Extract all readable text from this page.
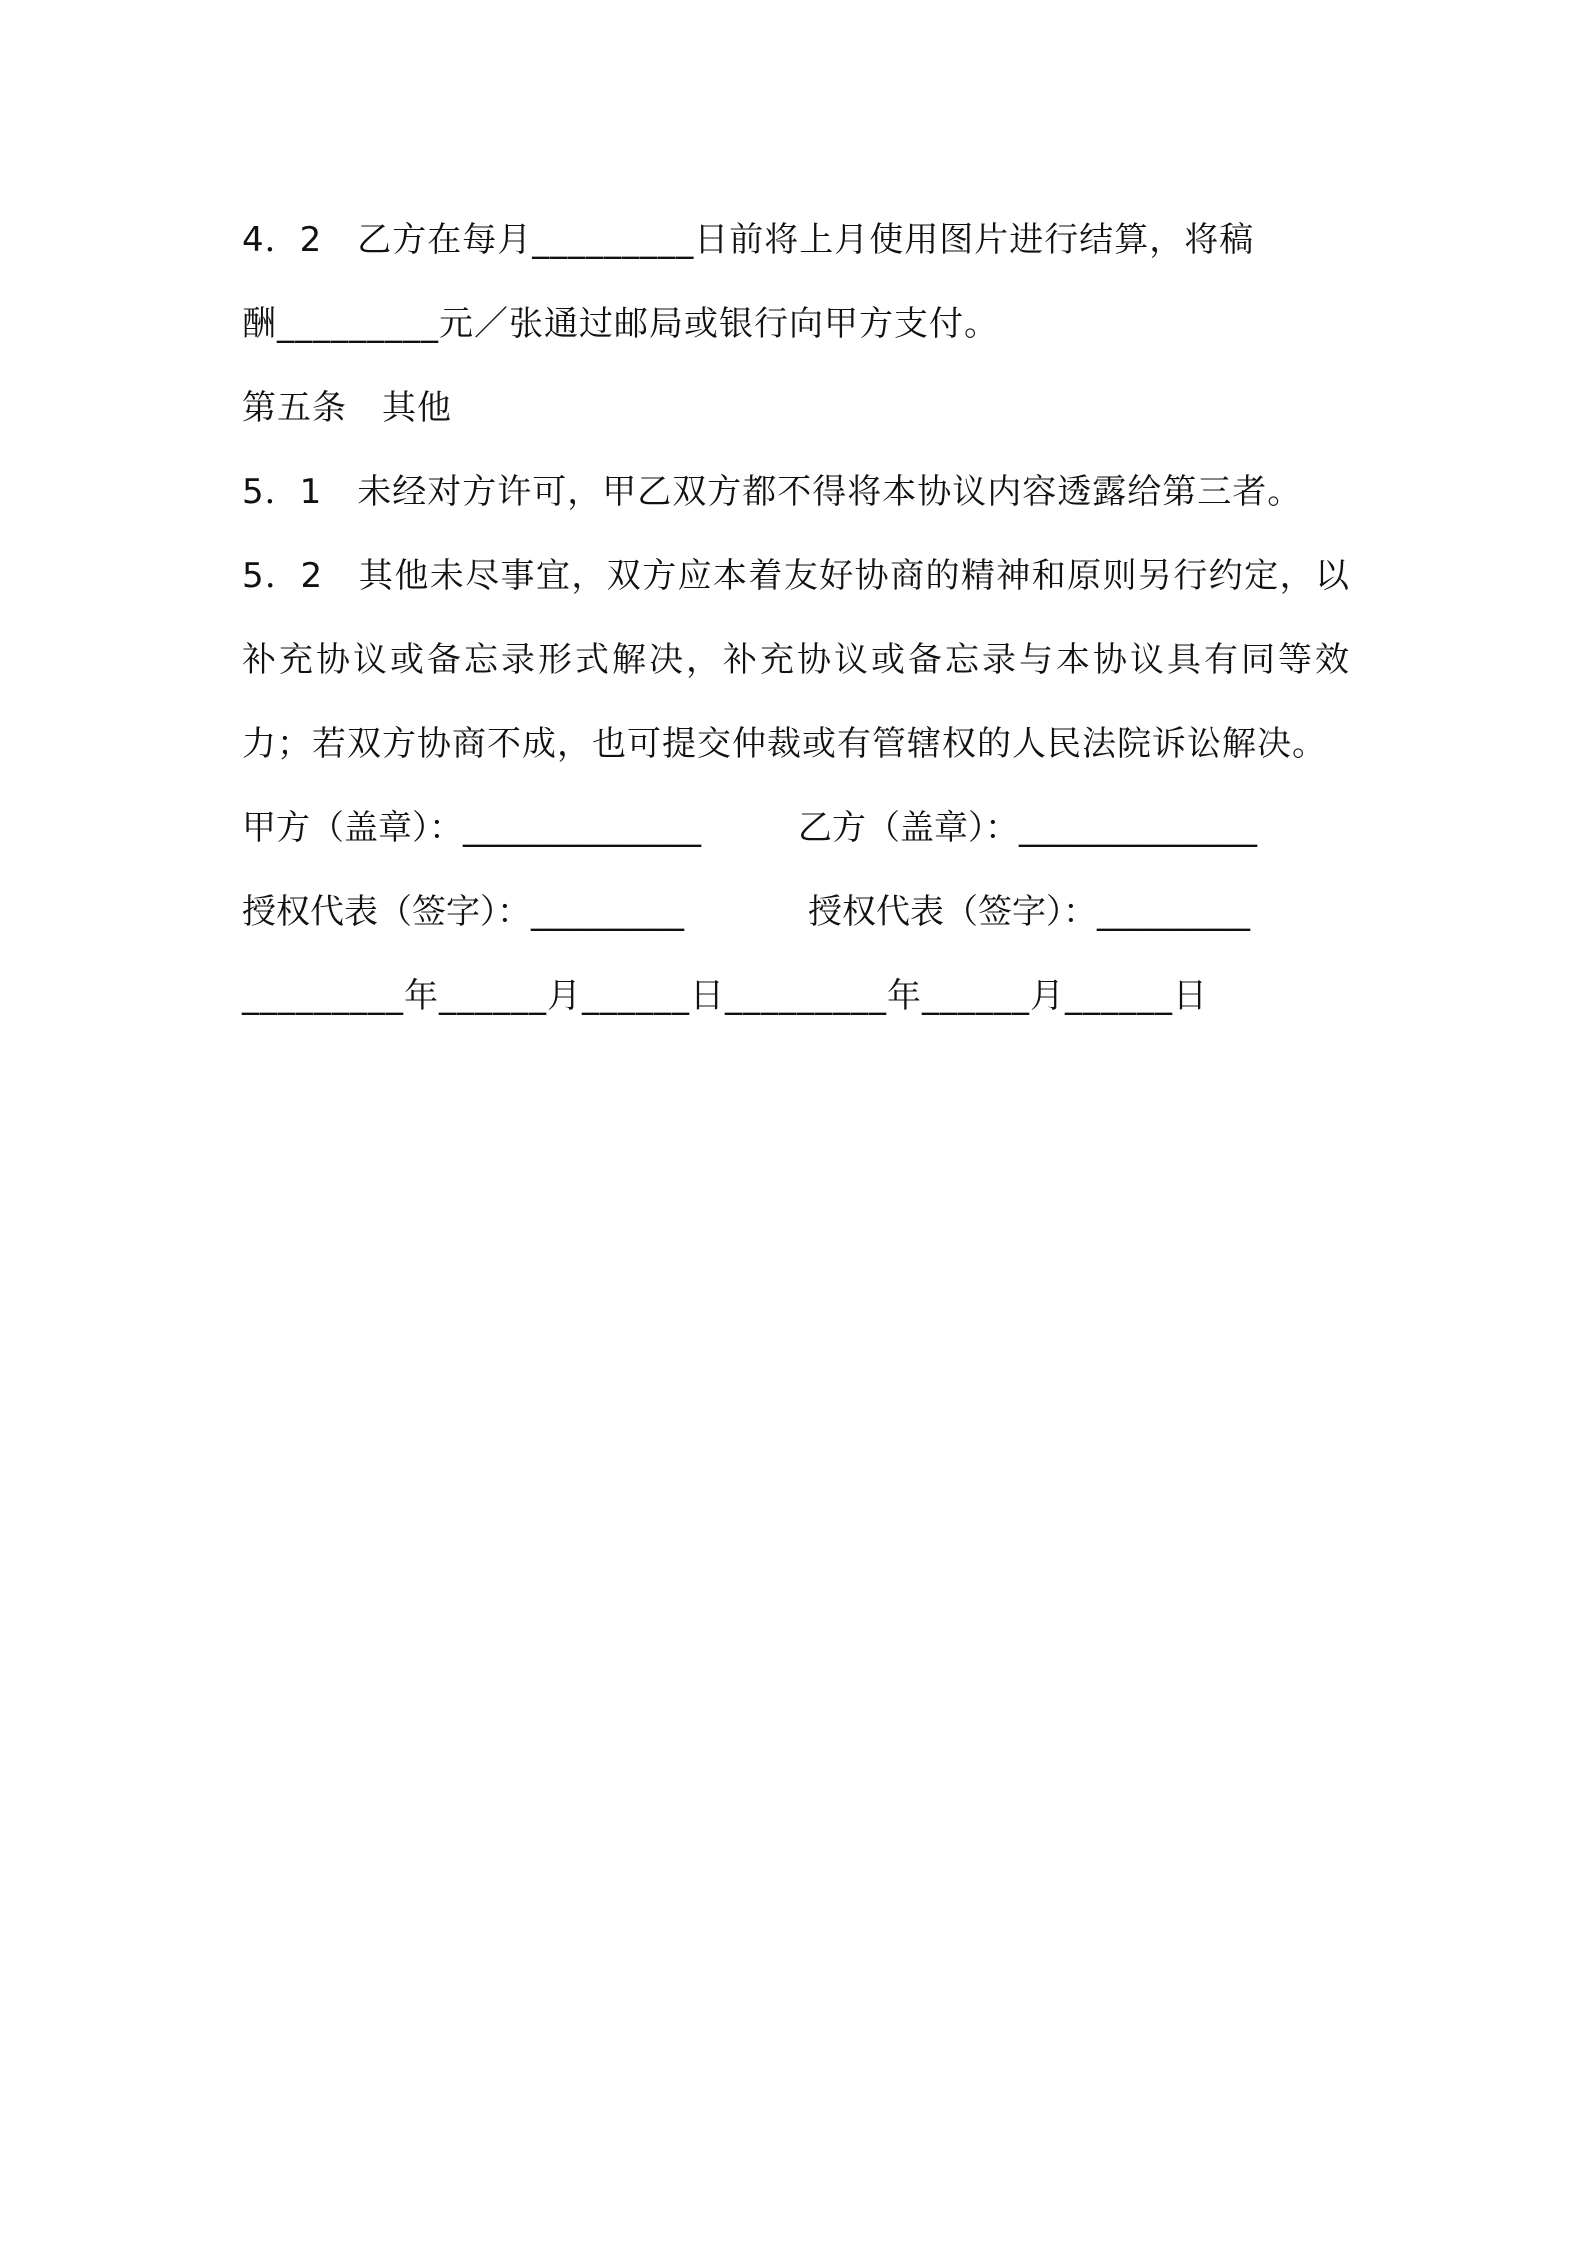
4．2　乙方在每月_________日前将上月使用图片进行结算，将稿
酬_________元／张通过邮局或银行向甲方支付。
第五条　其他
5．1　未经对方许可，甲乙双方都不得将本协议内容透露给第三者。
5．2　其他未尽事宜，双方应本着友好协商的精神和原则另行约定，以补充协议或备忘录形式解决，补充协议或备忘录与本协议具有同等效力；若双方协商不成，也可提交仲裁或有管辖权的人民法院诉讼解决。
甲方（盖章）：______________	乙方（盖章）：______________
授权代表（签字）：_________	授权代表（签字）：_________
_________年______月______日_________年______月______日
